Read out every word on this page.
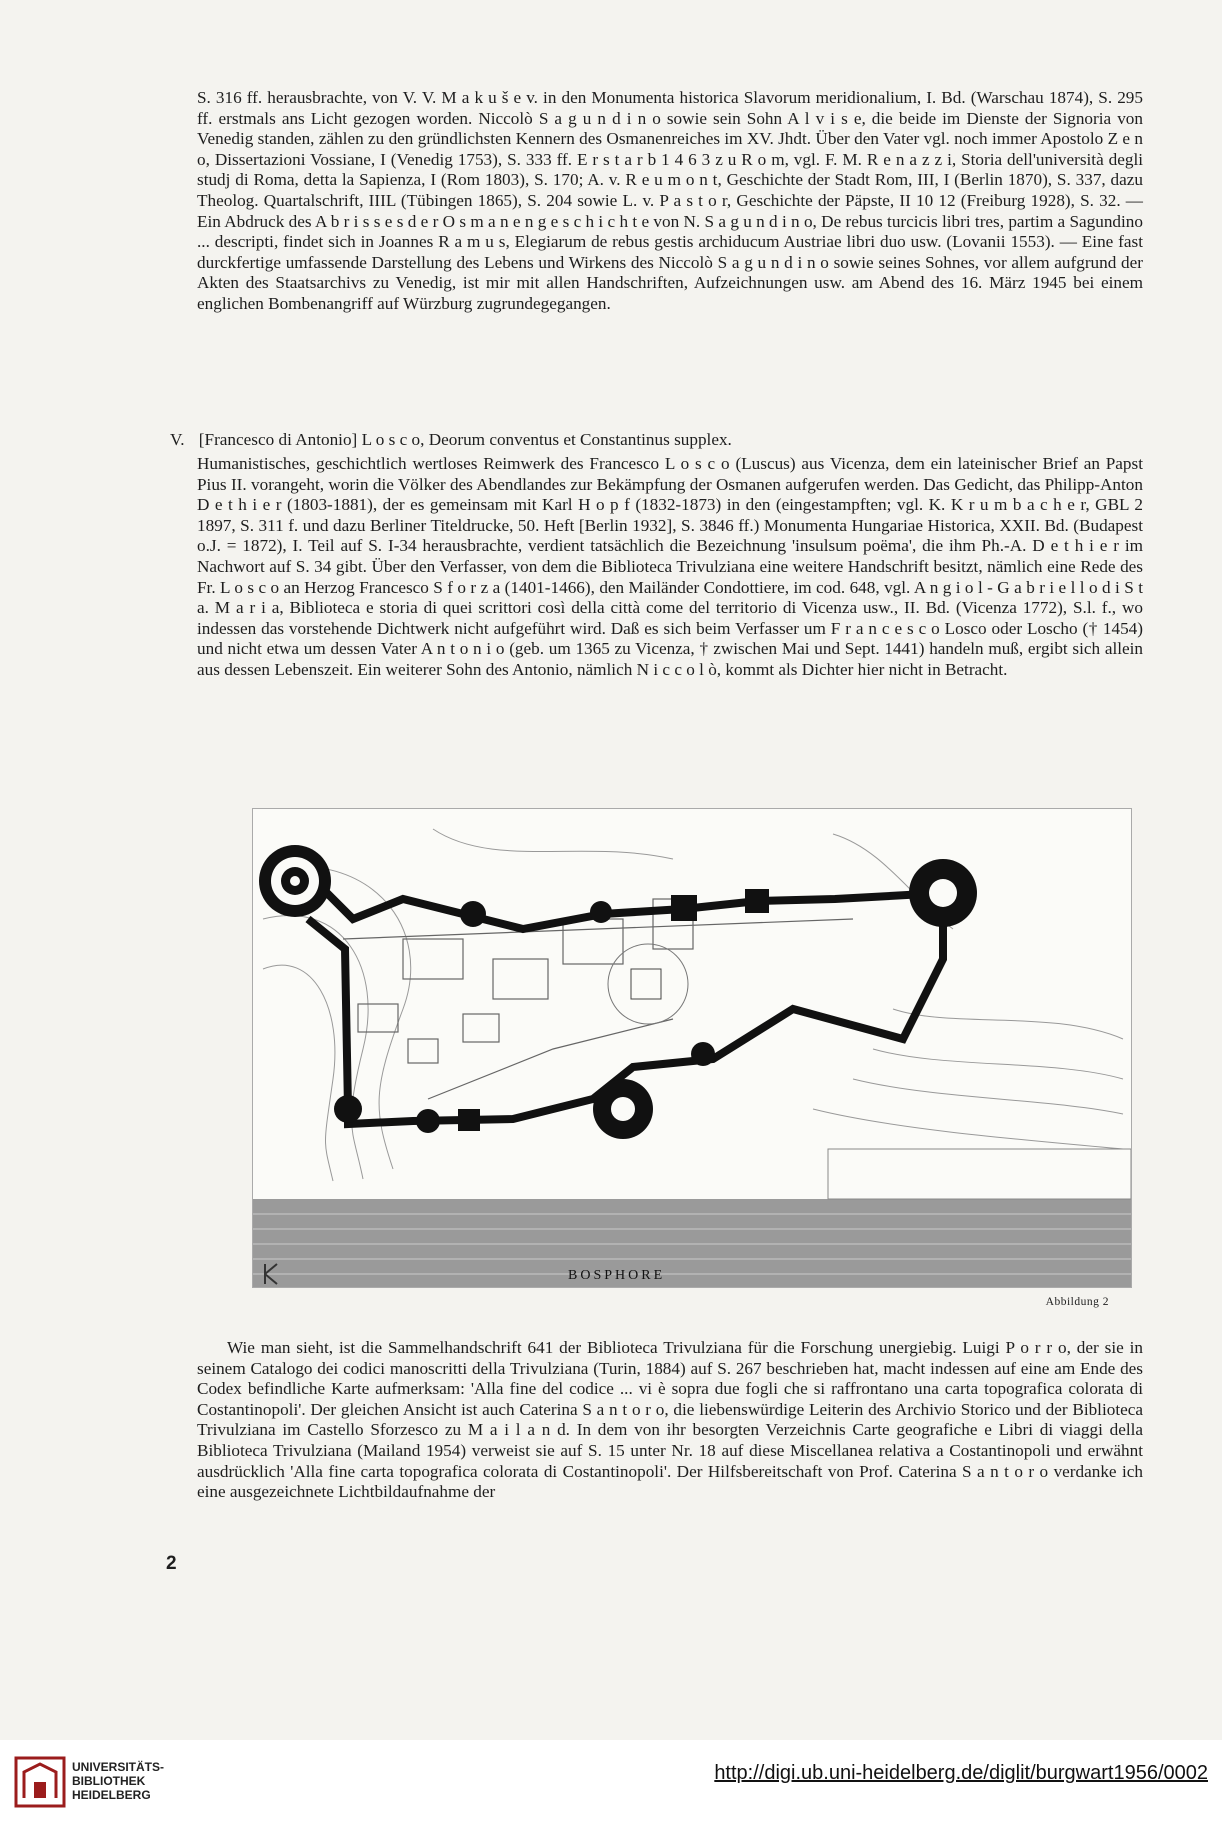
S. 316 ff. herausbrachte, von V. V. M a k u š e v. in den Monumenta historica Slavorum meridionalium, I. Bd. (Warschau 1874), S. 295 ff. erstmals ans Licht gezogen worden. Niccolò S a g u n d i n o sowie sein Sohn A l v i s e, die beide im Dienste der Signoria von Venedig standen, zählen zu den gründlichsten Kennern des Osmanenreiches im XV. Jhdt. Über den Vater vgl. noch immer Apostolo Z e n o, Dissertazioni Vossiane, I (Venedig 1753), S. 333 ff. E r s t a r b 1 4 6 3 z u R o m, vgl. F. M. R e n a z z i, Storia dell'università degli studj di Roma, detta la Sapienza, I (Rom 1803), S. 170; A. v. R e u m o n t, Geschichte der Stadt Rom, III, I (Berlin 1870), S. 337, dazu Theolog. Quartalschrift, IIIL (Tübingen 1865), S. 204 sowie L. v. P a s t o r, Geschichte der Päpste, II 10 12 (Freiburg 1928), S. 32. — Ein Abdruck des A b r i s s e s d e r O s m a n e n g e s c h i c h t e von N. S a g u n d i n o, De rebus turcicis libri tres, partim a Sagundino ... descripti, findet sich in Joannes R a m u s, Elegiarum de rebus gestis archiducum Austriae libri duo usw. (Lovanii 1553). — Eine fast durckfertige umfassende Darstellung des Lebens und Wirkens des Niccolò S a g u n d i n o sowie seines Sohnes, vor allem aufgrund der Akten des Staatsarchivs zu Venedig, ist mir mit allen Handschriften, Aufzeichnungen usw. am Abend des 16. März 1945 bei einem englichen Bombenangriff auf Würzburg zugrundegegangen.
V. [Francesco di Antonio] L o s c o, Deorum conventus et Constantinus supplex.
Humanistisches, geschichtlich wertloses Reimwerk des Francesco L o s c o (Luscus) aus Vicenza, dem ein lateinischer Brief an Papst Pius II. vorangeht, worin die Völker des Abendlandes zur Bekämpfung der Osmanen aufgerufen werden. Das Gedicht, das Philipp-Anton D e t h i e r (1803-1881), der es gemeinsam mit Karl H o p f (1832-1873) in den (eingestampften; vgl. K. K r u m b a c h e r, GBL 2 1897, S. 311 f. und dazu Berliner Titeldrucke, 50. Heft [Berlin 1932], S. 3846 ff.) Monumenta Hungariae Historica, XXII. Bd. (Budapest o.J. = 1872), I. Teil auf S. I-34 herausbrachte, verdient tatsächlich die Bezeichnung 'insulsum poëma', die ihm Ph.-A. D e t h i e r im Nachwort auf S. 34 gibt. Über den Verfasser, von dem die Biblioteca Trivulziana eine weitere Handschrift besitzt, nämlich eine Rede des Fr. L o s c o an Herzog Francesco S f o r z a (1401-1466), den Mailänder Condottiere, im cod. 648, vgl. A n g i o l - G a b r i e l l o d i S t a. M a r i a, Biblioteca e storia di quei scrittori così della città come del territorio di Vicenza usw., II. Bd. (Vicenza 1772), S.l. f., wo indessen das vorstehende Dichtwerk nicht aufgeführt wird. Daß es sich beim Verfasser um F r a n c e s c o Losco oder Loscho († 1454) und nicht etwa um dessen Vater A n t o n i o (geb. um 1365 zu Vicenza, † zwischen Mai und Sept. 1441) handeln muß, ergibt sich allein aus dessen Lebenszeit. Ein weiterer Sohn des Antonio, nämlich N i c c o l ò, kommt als Dichter hier nicht in Betracht.
BOSPHORE
Abbildung 2
Wie man sieht, ist die Sammelhandschrift 641 der Biblioteca Trivulziana für die Forschung unergiebig. Luigi P o r r o, der sie in seinem Catalogo dei codici manoscritti della Trivulziana (Turin, 1884) auf S. 267 beschrieben hat, macht indessen auf eine am Ende des Codex befindliche Karte aufmerksam: 'Alla fine del codice ... vi è sopra due fogli che si raffrontano una carta topografica colorata di Costantinopoli'. Der gleichen Ansicht ist auch Caterina S a n t o r o, die liebenswürdige Leiterin des Archivio Storico und der Biblioteca Trivulziana im Castello Sforzesco zu M a i l a n d. In dem von ihr besorgten Verzeichnis Carte geografiche e Libri di viaggi della Biblioteca Trivulziana (Mailand 1954) verweist sie auf S. 15 unter Nr. 18 auf diese Miscellanea relativa a Costantinopoli und erwähnt ausdrücklich 'Alla fine carta topografica colorata di Costantinopoli'. Der Hilfsbereitschaft von Prof. Caterina S a n t o r o verdanke ich eine ausgezeichnete Lichtbildaufnahme der
2
UNIVERSITÄTS-
BIBLIOTHEK
HEIDELBERG
http://digi.ub.uni-heidelberg.de/diglit/burgwart1956/0002
